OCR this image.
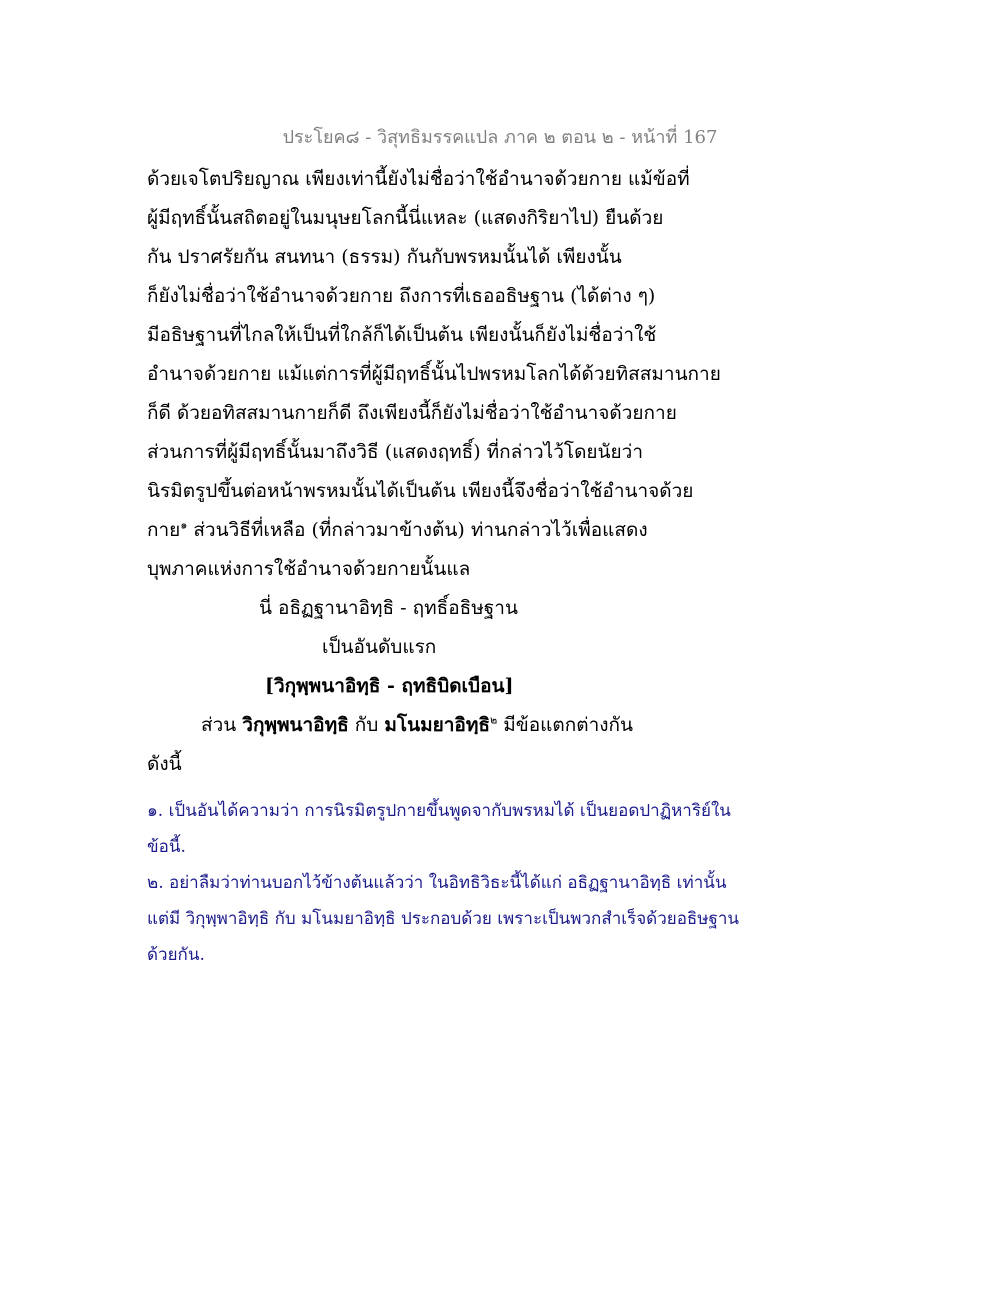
ประโยค๘ - วิสุทธิมรรคแปล ภาค ๒ ตอน ๒ - หน้าที่ 167
ด้วยเจโตปริยญาณ เพียงเท่านี้ยังไม่ชื่อว่าใช้อำนาจด้วยกาย แม้ข้อที่
ผู้มีฤทธิ์นั้นสถิตอยู่ในมนุษยโลกนี้นี่แหละ (แสดงกิริยาไป) ยืนด้วย
กัน ปราศรัยกัน สนทนา (ธรรม) กันกับพรหมนั้นได้ เพียงนั้น
ก็ยังไม่ชื่อว่าใช้อำนาจด้วยกาย ถึงการที่เธออธิษฐาน (ได้ต่าง ๆ)
มีอธิษฐานที่ไกลให้เป็นที่ใกล้ก็ได้เป็นต้น เพียงนั้นก็ยังไม่ชื่อว่าใช้
อำนาจด้วยกาย แม้แต่การที่ผู้มีฤทธิ์นั้นไปพรหมโลกได้ด้วยทิสสมานกาย
ก็ดี ด้วยอทิสสมานกายก็ดี ถึงเพียงนี้ก็ยังไม่ชื่อว่าใช้อำนาจด้วยกาย
ส่วนการที่ผู้มีฤทธิ์นั้นมาถึงวิธี (แสดงฤทธิ์) ที่กล่าวไว้โดยนัยว่า
นิรมิตรูปขึ้นต่อหน้าพรหมนั้นได้เป็นต้น เพียงนี้จึงชื่อว่าใช้อำนาจด้วย
กาย$^๑$ ส่วนวิธีที่เหลือ (ที่กล่าวมาข้างต้น) ท่านกล่าวไว้เพื่อแสดง
บุพภาคแห่งการใช้อำนาจด้วยกายนั้นแล
นี่ อธิฏฐานาอิทฺธิ - ฤทธิ์อธิษฐาน
เป็นอันดับแรก
[วิกุพฺพนาอิทฺธิ - ฤทธิบิดเบือน]
ส่วน วิกุพฺพนาอิทฺธิ กับ มโนมยาอิทฺธิ$^๒$ มีข้อแตกต่างกัน
ดังนี้
๑. เป็นอันได้ความว่า การนิรมิตรูปกายขึ้นพูดจากับพรหมได้ เป็นยอดปาฏิหาริย์ใน
ข้อนี้.
๒. อย่าลืมว่าท่านบอกไว้ข้างต้นแล้วว่า ในอิทธิวิธะนี้ได้แก่ อธิฏฐานาอิทฺธิ เท่านั้น
แต่มี วิกุพฺพาอิทฺธิ กับ มโนมยาอิทฺธิ ประกอบด้วย เพราะเป็นพวกสำเร็จด้วยอธิษฐาน
ด้วยกัน.
